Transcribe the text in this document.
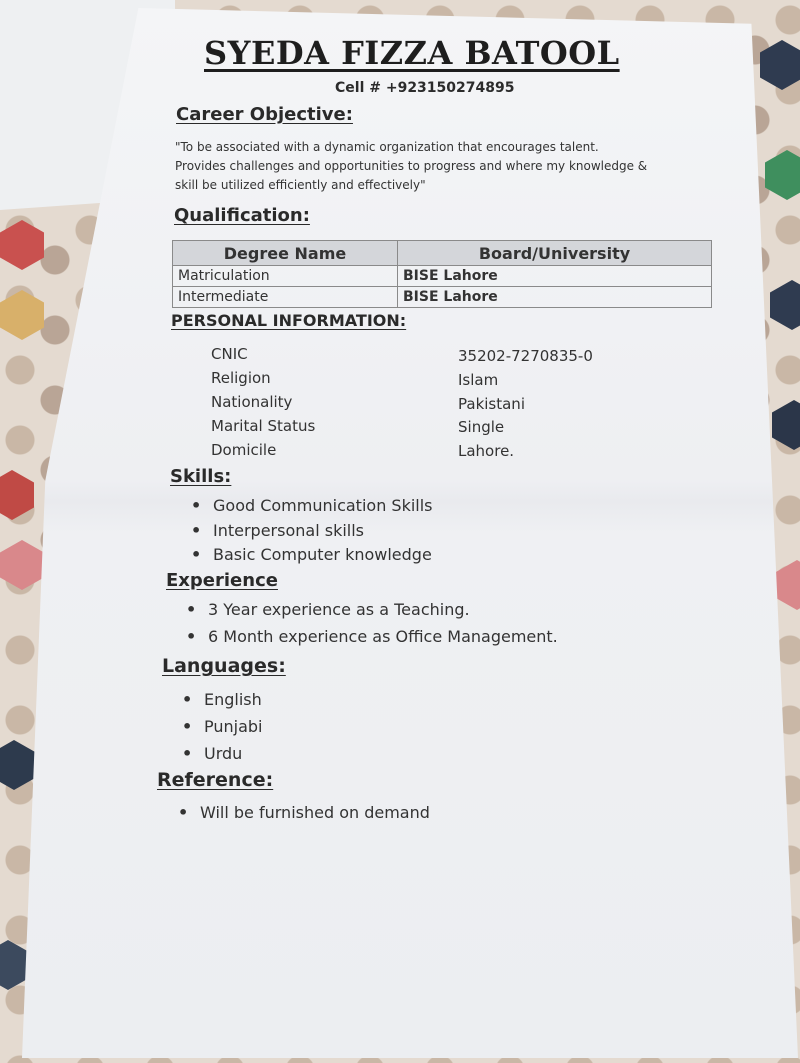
SYEDA FIZZA BATOOL
Cell # +923150274895
Career Objective:
"To be associated with a dynamic organization that encourages talent.
Provides challenges and opportunities to progress and where my knowledge &
skill be utilized efficiently and effectively"
Qualification:
Degree Name	Board/University
Matriculation	BISE Lahore
Intermediate	BISE Lahore
PERSONAL INFORMATION:
CNIC	35202-7270835-0
Religion	Islam
Nationality	Pakistani
Marital Status	Single
Domicile	Lahore.
Skills:
• Good Communication Skills
• Interpersonal skills
• Basic Computer knowledge
Experience
• 3 Year experience as a Teaching.
• 6 Month experience as Office Management.
Languages:
• English
• Punjabi
• Urdu
Reference:
• Will be furnished on demand
